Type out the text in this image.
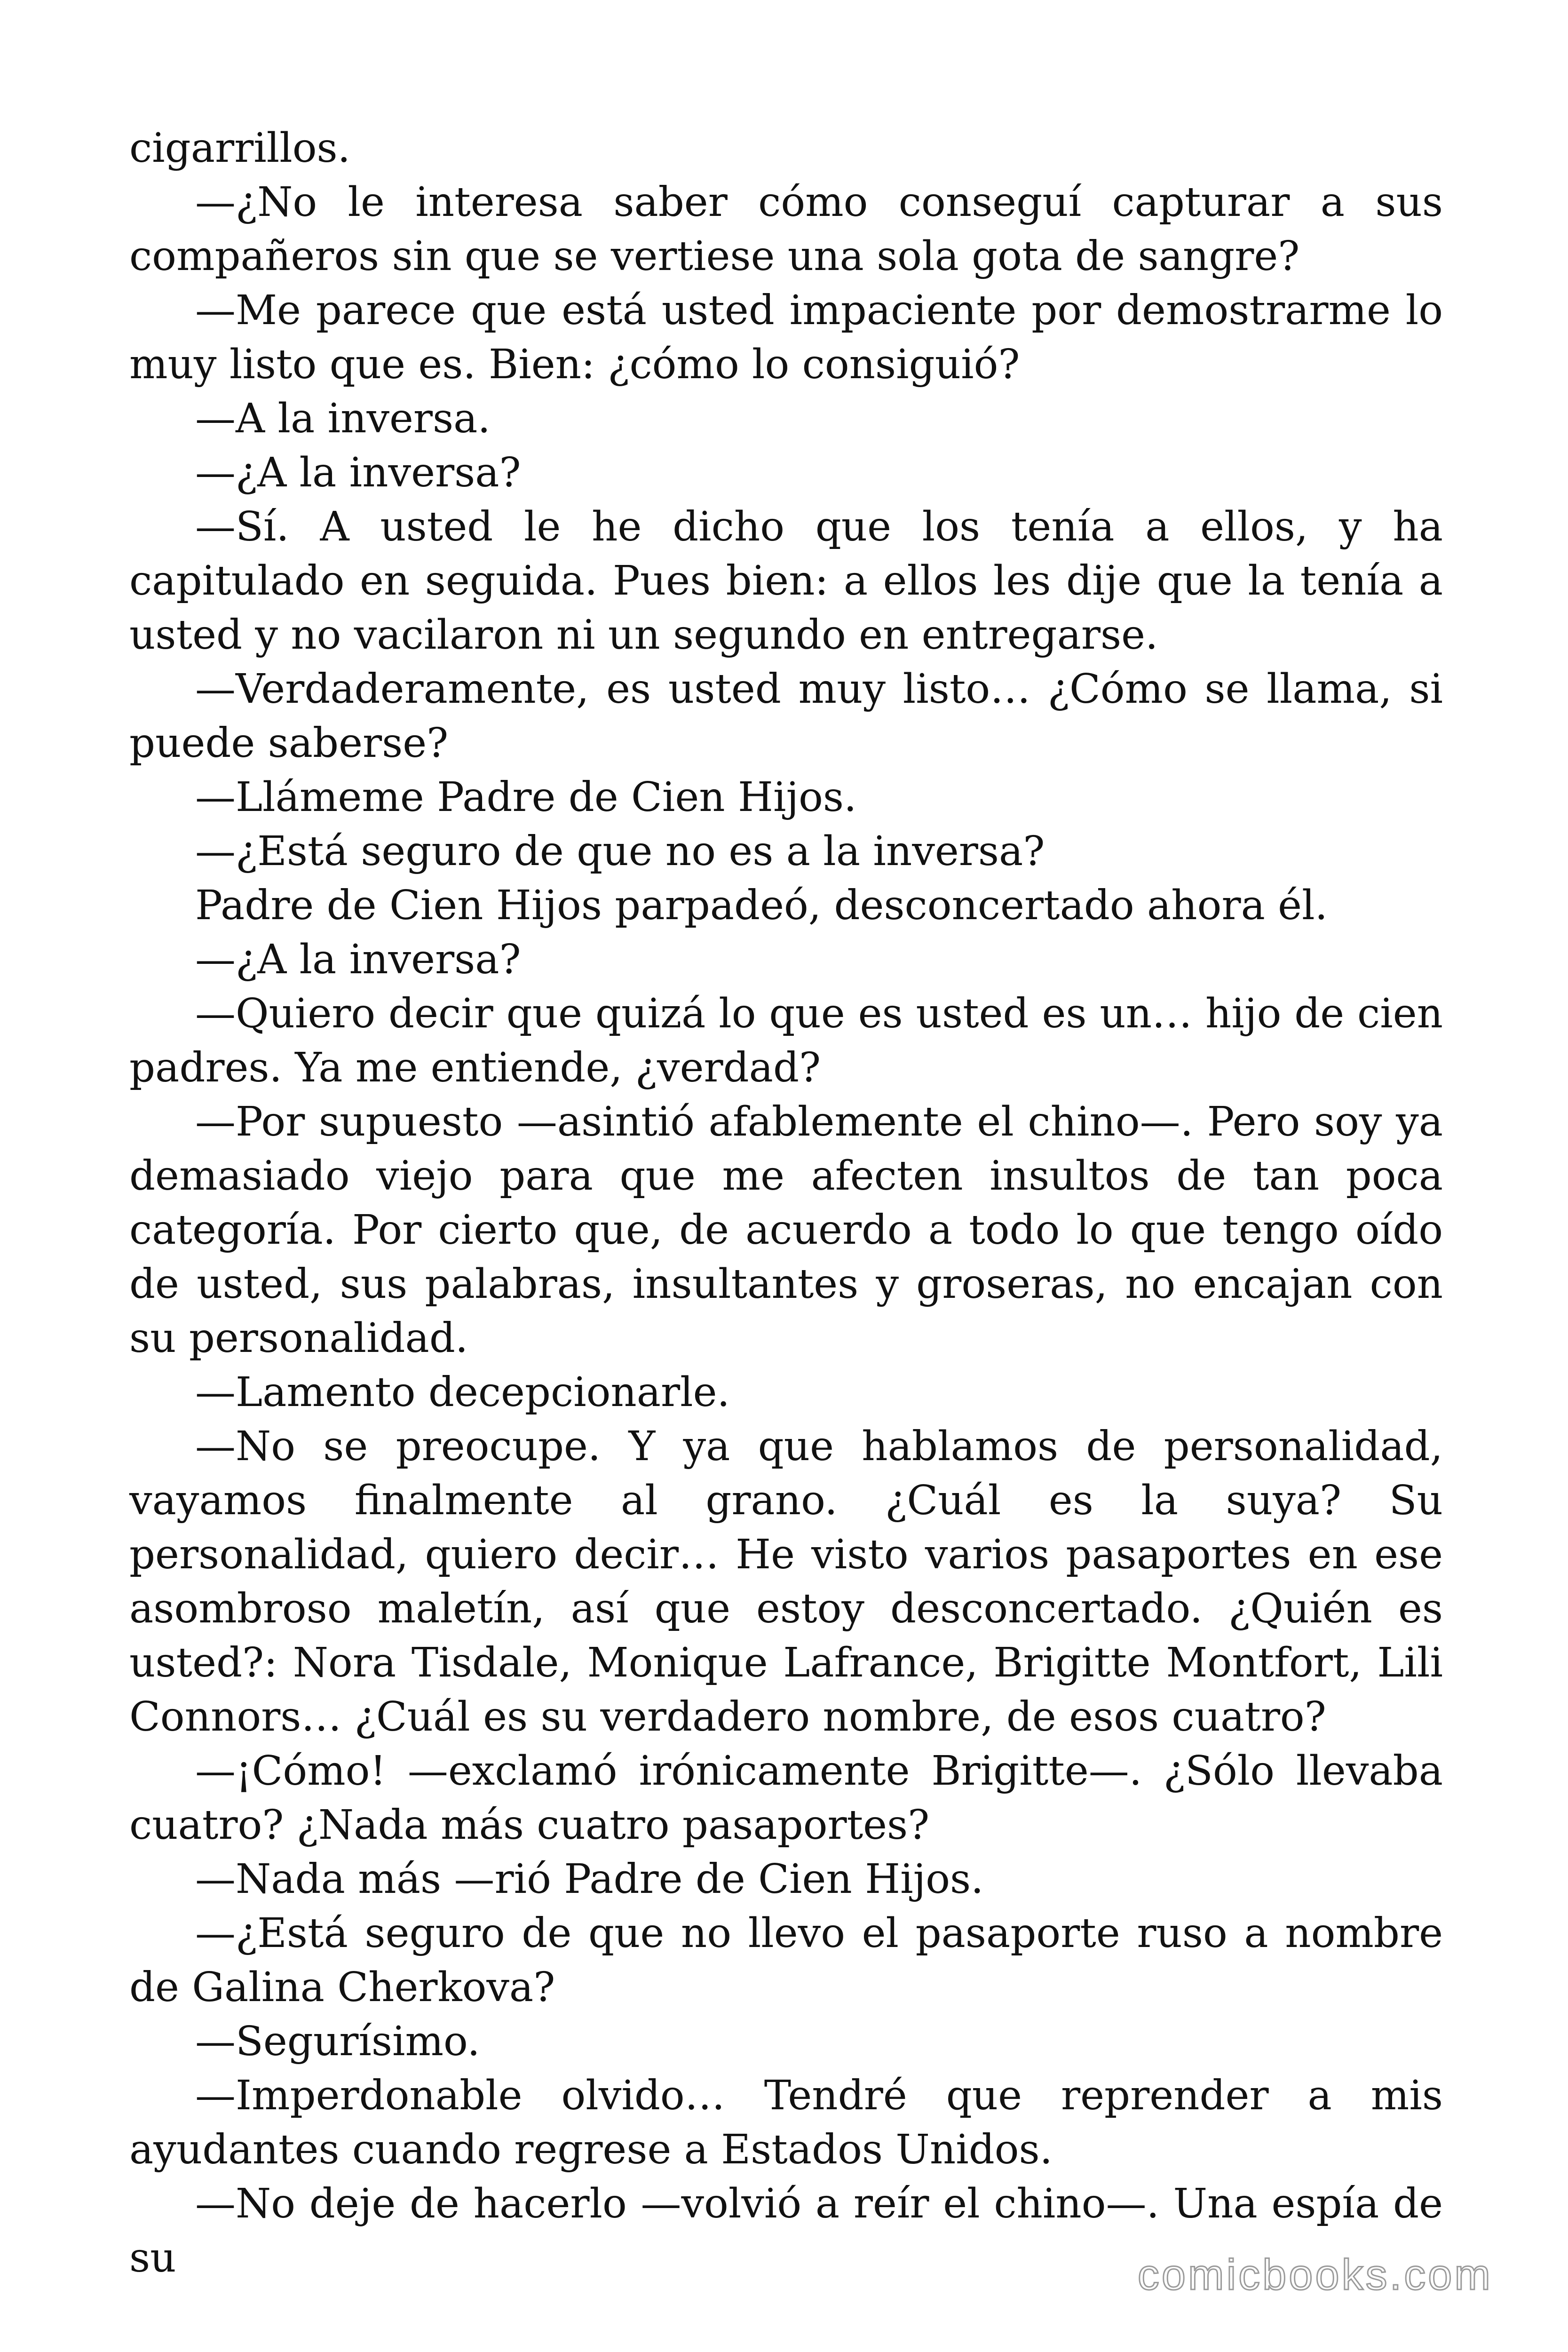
cigarrillos.

—¿No le interesa saber cómo conseguí capturar a sus compañeros sin que se vertiese una sola gota de sangre?

—Me parece que está usted impaciente por demostrarme lo muy listo que es. Bien: ¿cómo lo consiguió?

—A la inversa.

—¿A la inversa?

—Sí. A usted le he dicho que los tenía a ellos, y ha capitulado en seguida. Pues bien: a ellos les dije que la tenía a usted y no vacilaron ni un segundo en entregarse.

—Verdaderamente, es usted muy listo… ¿Cómo se llama, si puede saberse?

—Llámeme Padre de Cien Hijos.

—¿Está seguro de que no es a la inversa?

Padre de Cien Hijos parpadeó, desconcertado ahora él.

—¿A la inversa?

—Quiero decir que quizá lo que es usted es un… hijo de cien padres. Ya me entiende, ¿verdad?

—Por supuesto —asintió afablemente el chino—. Pero soy ya demasiado viejo para que me afecten insultos de tan poca categoría. Por cierto que, de acuerdo a todo lo que tengo oído de usted, sus palabras, insultantes y groseras, no encajan con su personalidad.

—Lamento decepcionarle.

—No se preocupe. Y ya que hablamos de personalidad, vayamos finalmente al grano. ¿Cuál es la suya? Su personalidad, quiero decir… He visto varios pasaportes en ese asombroso maletín, así que estoy desconcertado. ¿Quién es usted?: Nora Tisdale, Monique Lafrance, Brigitte Montfort, Lili Connors… ¿Cuál es su verdadero nombre, de esos cuatro?

—¡Cómo! —exclamó irónicamente Brigitte—. ¿Sólo llevaba cuatro? ¿Nada más cuatro pasaportes?

—Nada más —rió Padre de Cien Hijos.

—¿Está seguro de que no llevo el pasaporte ruso a nombre de Galina Cherkova?

—Segurísimo.

—Imperdonable olvido… Tendré que reprender a mis ayudantes cuando regrese a Estados Unidos.

—No deje de hacerlo —volvió a reír el chino—. Una espía de su	comicbooks.com
